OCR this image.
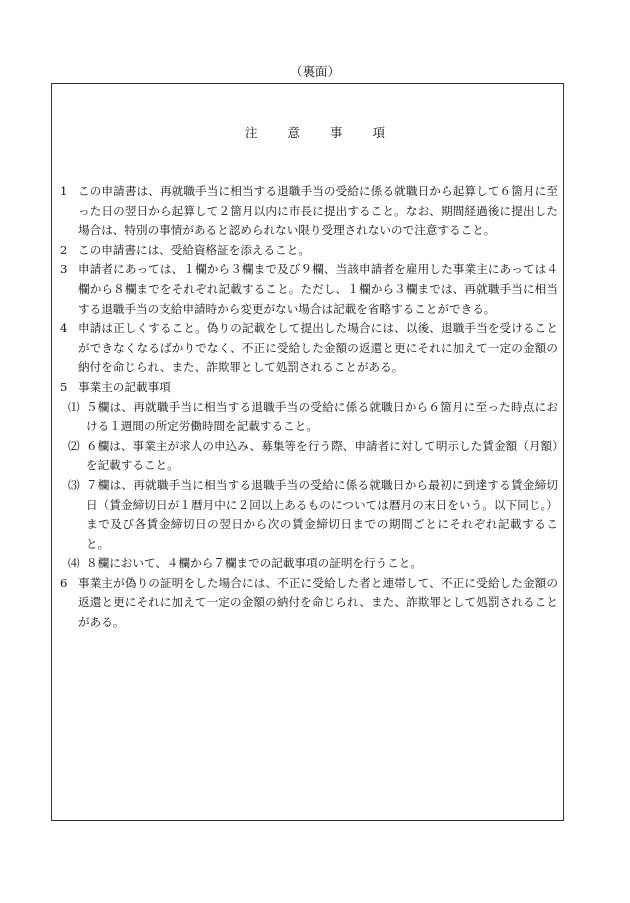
（裏面）
注 意 事 項
1 この申請書は、再就職手当に相当する退職手当の受給に係る就職日から起算して６箇月に至った日の翌日から起算して２箇月以内に市長に提出すること。なお、期間経過後に提出した場合は、特別の事情があると認められない限り受理されないので注意すること。
2 この申請書には、受給資格証を添えること。
3 申請者にあっては、１欄から３欄まで及び９欄、当該申請者を雇用した事業主にあっては４欄から８欄までをそれぞれ記載すること。ただし、１欄から３欄までは、再就職手当に相当する退職手当の支給申請時から変更がない場合は記載を省略することができる。
4 申請は正しくすること。偽りの記載をして提出した場合には、以後、退職手当を受けることができなくなるばかりでなく、不正に受給した金額の返還と更にそれに加えて一定の金額の納付を命じられ、また、詐欺罪として処罰されることがある。
5 事業主の記載事項
⑴ ５欄は、再就職手当に相当する退職手当の受給に係る就職日から６箇月に至った時点における１週間の所定労働時間を記載すること。
⑵ ６欄は、事業主が求人の申込み、募集等を行う際、申請者に対して明示した賃金額（月額）を記載すること。
⑶ ７欄は、再就職手当に相当する退職手当の受給に係る就職日から最初に到達する賃金締切日（賃金締切日が１暦月中に２回以上あるものについては暦月の末日をいう。以下同じ。）まで及び各賃金締切日の翌日から次の賃金締切日までの期間ごとにそれぞれ記載すること。
⑷ ８欄において、４欄から７欄までの記載事項の証明を行うこと。
6 事業主が偽りの証明をした場合には、不正に受給した者と連帯して、不正に受給した金額の返還と更にそれに加えて一定の金額の納付を命じられ、また、詐欺罪として処罰されることがある。
